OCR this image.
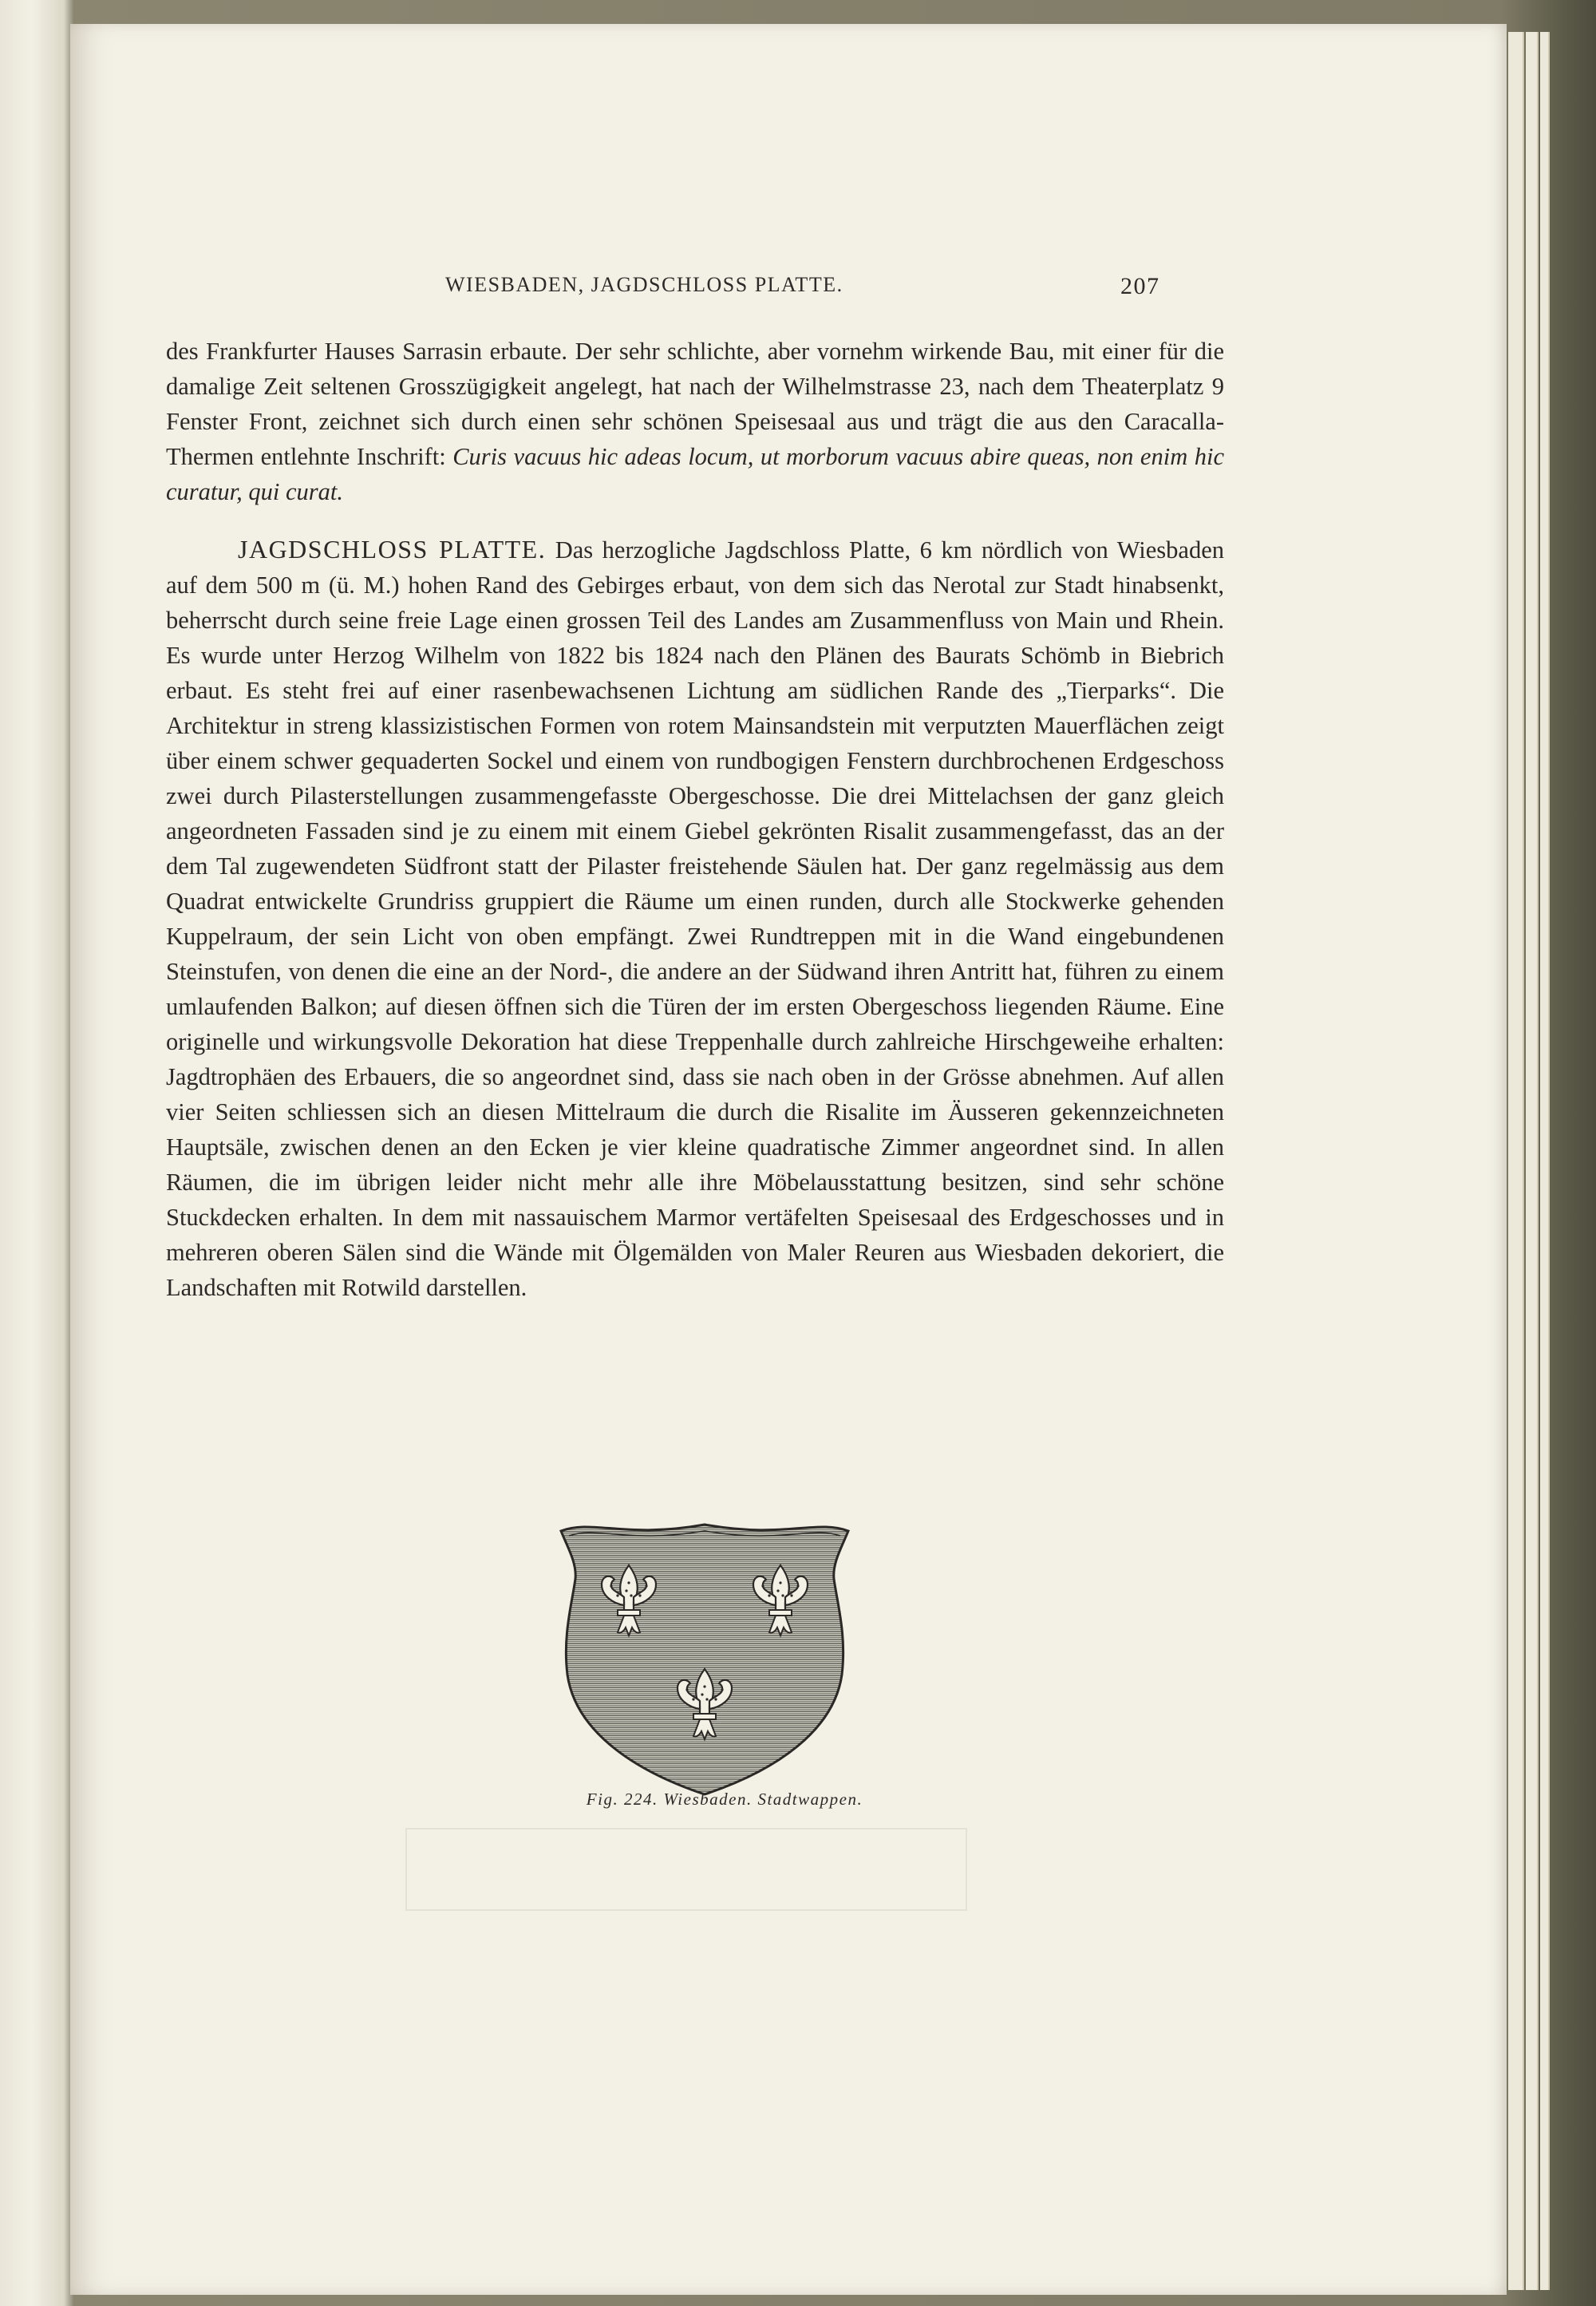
WIESBADEN, JAGDSCHLOSS PLATTE.	207

des Frankfurter Hauses Sarrasin erbaute. Der sehr schlichte, aber vornehm wirkende Bau, mit einer für die damalige Zeit seltenen Grosszügigkeit angelegt, hat nach der Wilhelmstrasse 23, nach dem Theaterplatz 9 Fenster Front, zeichnet sich durch einen sehr schönen Speisesaal aus und trägt die aus den Caracalla-Thermen entlehnte Inschrift: Curis vacuus hic adeas locum, ut morborum vacuus abire queas, non enim hic curatur, qui curat.

JAGDSCHLOSS PLATTE. Das herzogliche Jagdschloss Platte, 6 km nördlich von Wiesbaden auf dem 500 m (ü. M.) hohen Rand des Gebirges erbaut, von dem sich das Nerotal zur Stadt hinabsenkt, beherrscht durch seine freie Lage einen grossen Teil des Landes am Zusammenfluss von Main und Rhein. Es wurde unter Herzog Wilhelm von 1822 bis 1824 nach den Plänen des Baurats Schömb in Biebrich erbaut. Es steht frei auf einer rasenbewachsenen Lichtung am südlichen Rande des „Tierparks“. Die Architektur in streng klassizistischen Formen von rotem Mainsandstein mit verputzten Mauerflächen zeigt über einem schwer gequaderten Sockel und einem von rundbogigen Fenstern durchbrochenen Erdgeschoss zwei durch Pilasterstellungen zusammengefasste Obergeschosse. Die drei Mittelachsen der ganz gleich angeordneten Fassaden sind je zu einem mit einem Giebel gekrönten Risalit zusammengefasst, das an der dem Tal zugewendeten Südfront statt der Pilaster freistehende Säulen hat. Der ganz regelmässig aus dem Quadrat entwickelte Grundriss gruppiert die Räume um einen runden, durch alle Stockwerke gehenden Kuppelraum, der sein Licht von oben empfängt. Zwei Rundtreppen mit in die Wand eingebundenen Steinstufen, von denen die eine an der Nord-, die andere an der Südwand ihren Antritt hat, führen zu einem umlaufenden Balkon; auf diesen öffnen sich die Türen der im ersten Obergeschoss liegenden Räume. Eine originelle und wirkungsvolle Dekoration hat diese Treppenhalle durch zahlreiche Hirschgeweihe erhalten: Jagdtrophäen des Erbauers, die so angeordnet sind, dass sie nach oben in der Grösse abnehmen. Auf allen vier Seiten schliessen sich an diesen Mittelraum die durch die Risalite im Äusseren gekennzeichneten Hauptsäle, zwischen denen an den Ecken je vier kleine quadratische Zimmer angeordnet sind. In allen Räumen, die im übrigen leider nicht mehr alle ihre Möbelausstattung besitzen, sind sehr schöne Stuckdecken erhalten. In dem mit nassauischem Marmor vertäfelten Speisesaal des Erdgeschosses und in mehreren oberen Sälen sind die Wände mit Ölgemälden von Maler Reuren aus Wiesbaden dekoriert, die Landschaften mit Rotwild darstellen.

Fig. 224. Wiesbaden. Stadtwappen.
